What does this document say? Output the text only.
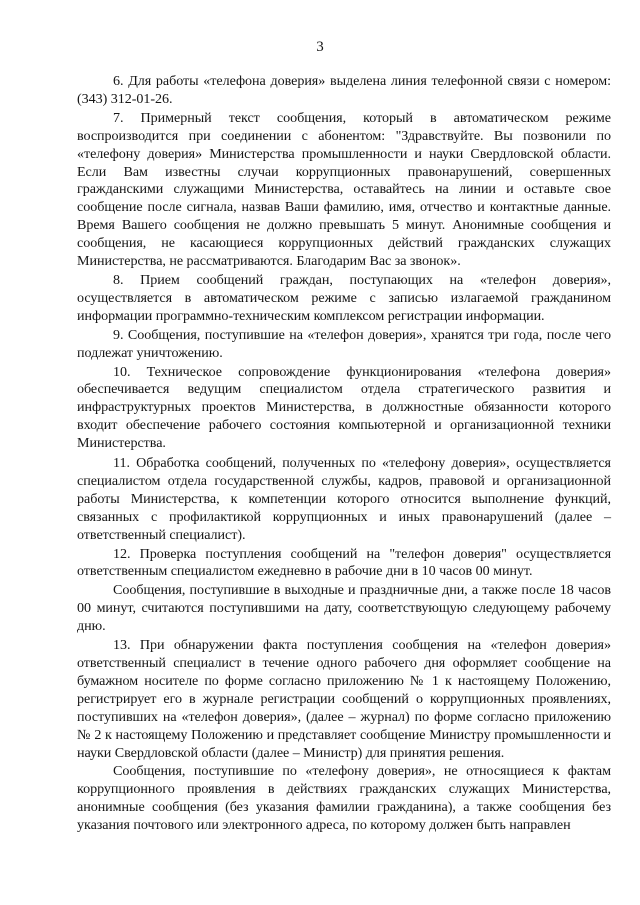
3

6. Для работы «телефона доверия» выделена линия телефонной связи с номером: (343) 312-01-26.

7. Примерный текст сообщения, который в автоматическом режиме воспроизводится при соединении с абонентом: "Здравствуйте. Вы позвонили по «телефону доверия» Министерства промышленности и науки Свердловской области. Если Вам известны случаи коррупционных правонарушений, совершенных гражданскими служащими Министерства, оставайтесь на линии и оставьте свое сообщение после сигнала, назвав Ваши фамилию, имя, отчество и контактные данные. Время Вашего сообщения не должно превышать 5 минут. Анонимные сообщения и сообщения, не касающиеся коррупционных действий гражданских служащих Министерства, не рассматриваются. Благодарим Вас за звонок».

8. Прием сообщений граждан, поступающих на «телефон доверия», осуществляется в автоматическом режиме с записью излагаемой гражданином информации программно-техническим комплексом регистрации информации.

9. Сообщения, поступившие на «телефон доверия», хранятся три года, после чего подлежат уничтожению.

10. Техническое сопровождение функционирования «телефона доверия» обеспечивается ведущим специалистом отдела стратегического развития и инфраструктурных проектов Министерства, в должностные обязанности которого входит обеспечение рабочего состояния компьютерной и организационной техники Министерства.

11. Обработка сообщений, полученных по «телефону доверия», осуществляется специалистом отдела государственной службы, кадров, правовой и организационной работы Министерства, к компетенции которого относится выполнение функций, связанных с профилактикой коррупционных и иных правонарушений (далее – ответственный специалист).

12. Проверка поступления сообщений на "телефон доверия" осуществляется ответственным специалистом ежедневно в рабочие дни в 10 часов 00 минут.

Сообщения, поступившие в выходные и праздничные дни, а также после 18 часов 00 минут, считаются поступившими на дату, соответствующую следующему рабочему дню.

13. При обнаружении факта поступления сообщения на «телефон доверия» ответственный специалист в течение одного рабочего дня оформляет сообщение на бумажном носителе по форме согласно приложению № 1 к настоящему Положению, регистрирует его в журнале регистрации сообщений о коррупционных проявлениях, поступивших на «телефон доверия», (далее – журнал) по форме согласно приложению № 2 к настоящему Положению и представляет сообщение Министру промышленности и науки Свердловской области (далее – Министр) для принятия решения.

Сообщения, поступившие по «телефону доверия», не относящиеся к фактам коррупционного проявления в действиях гражданских служащих Министерства, анонимные сообщения (без указания фамилии гражданина), а также сообщения без указания почтового или электронного адреса, по которому должен быть направлен
